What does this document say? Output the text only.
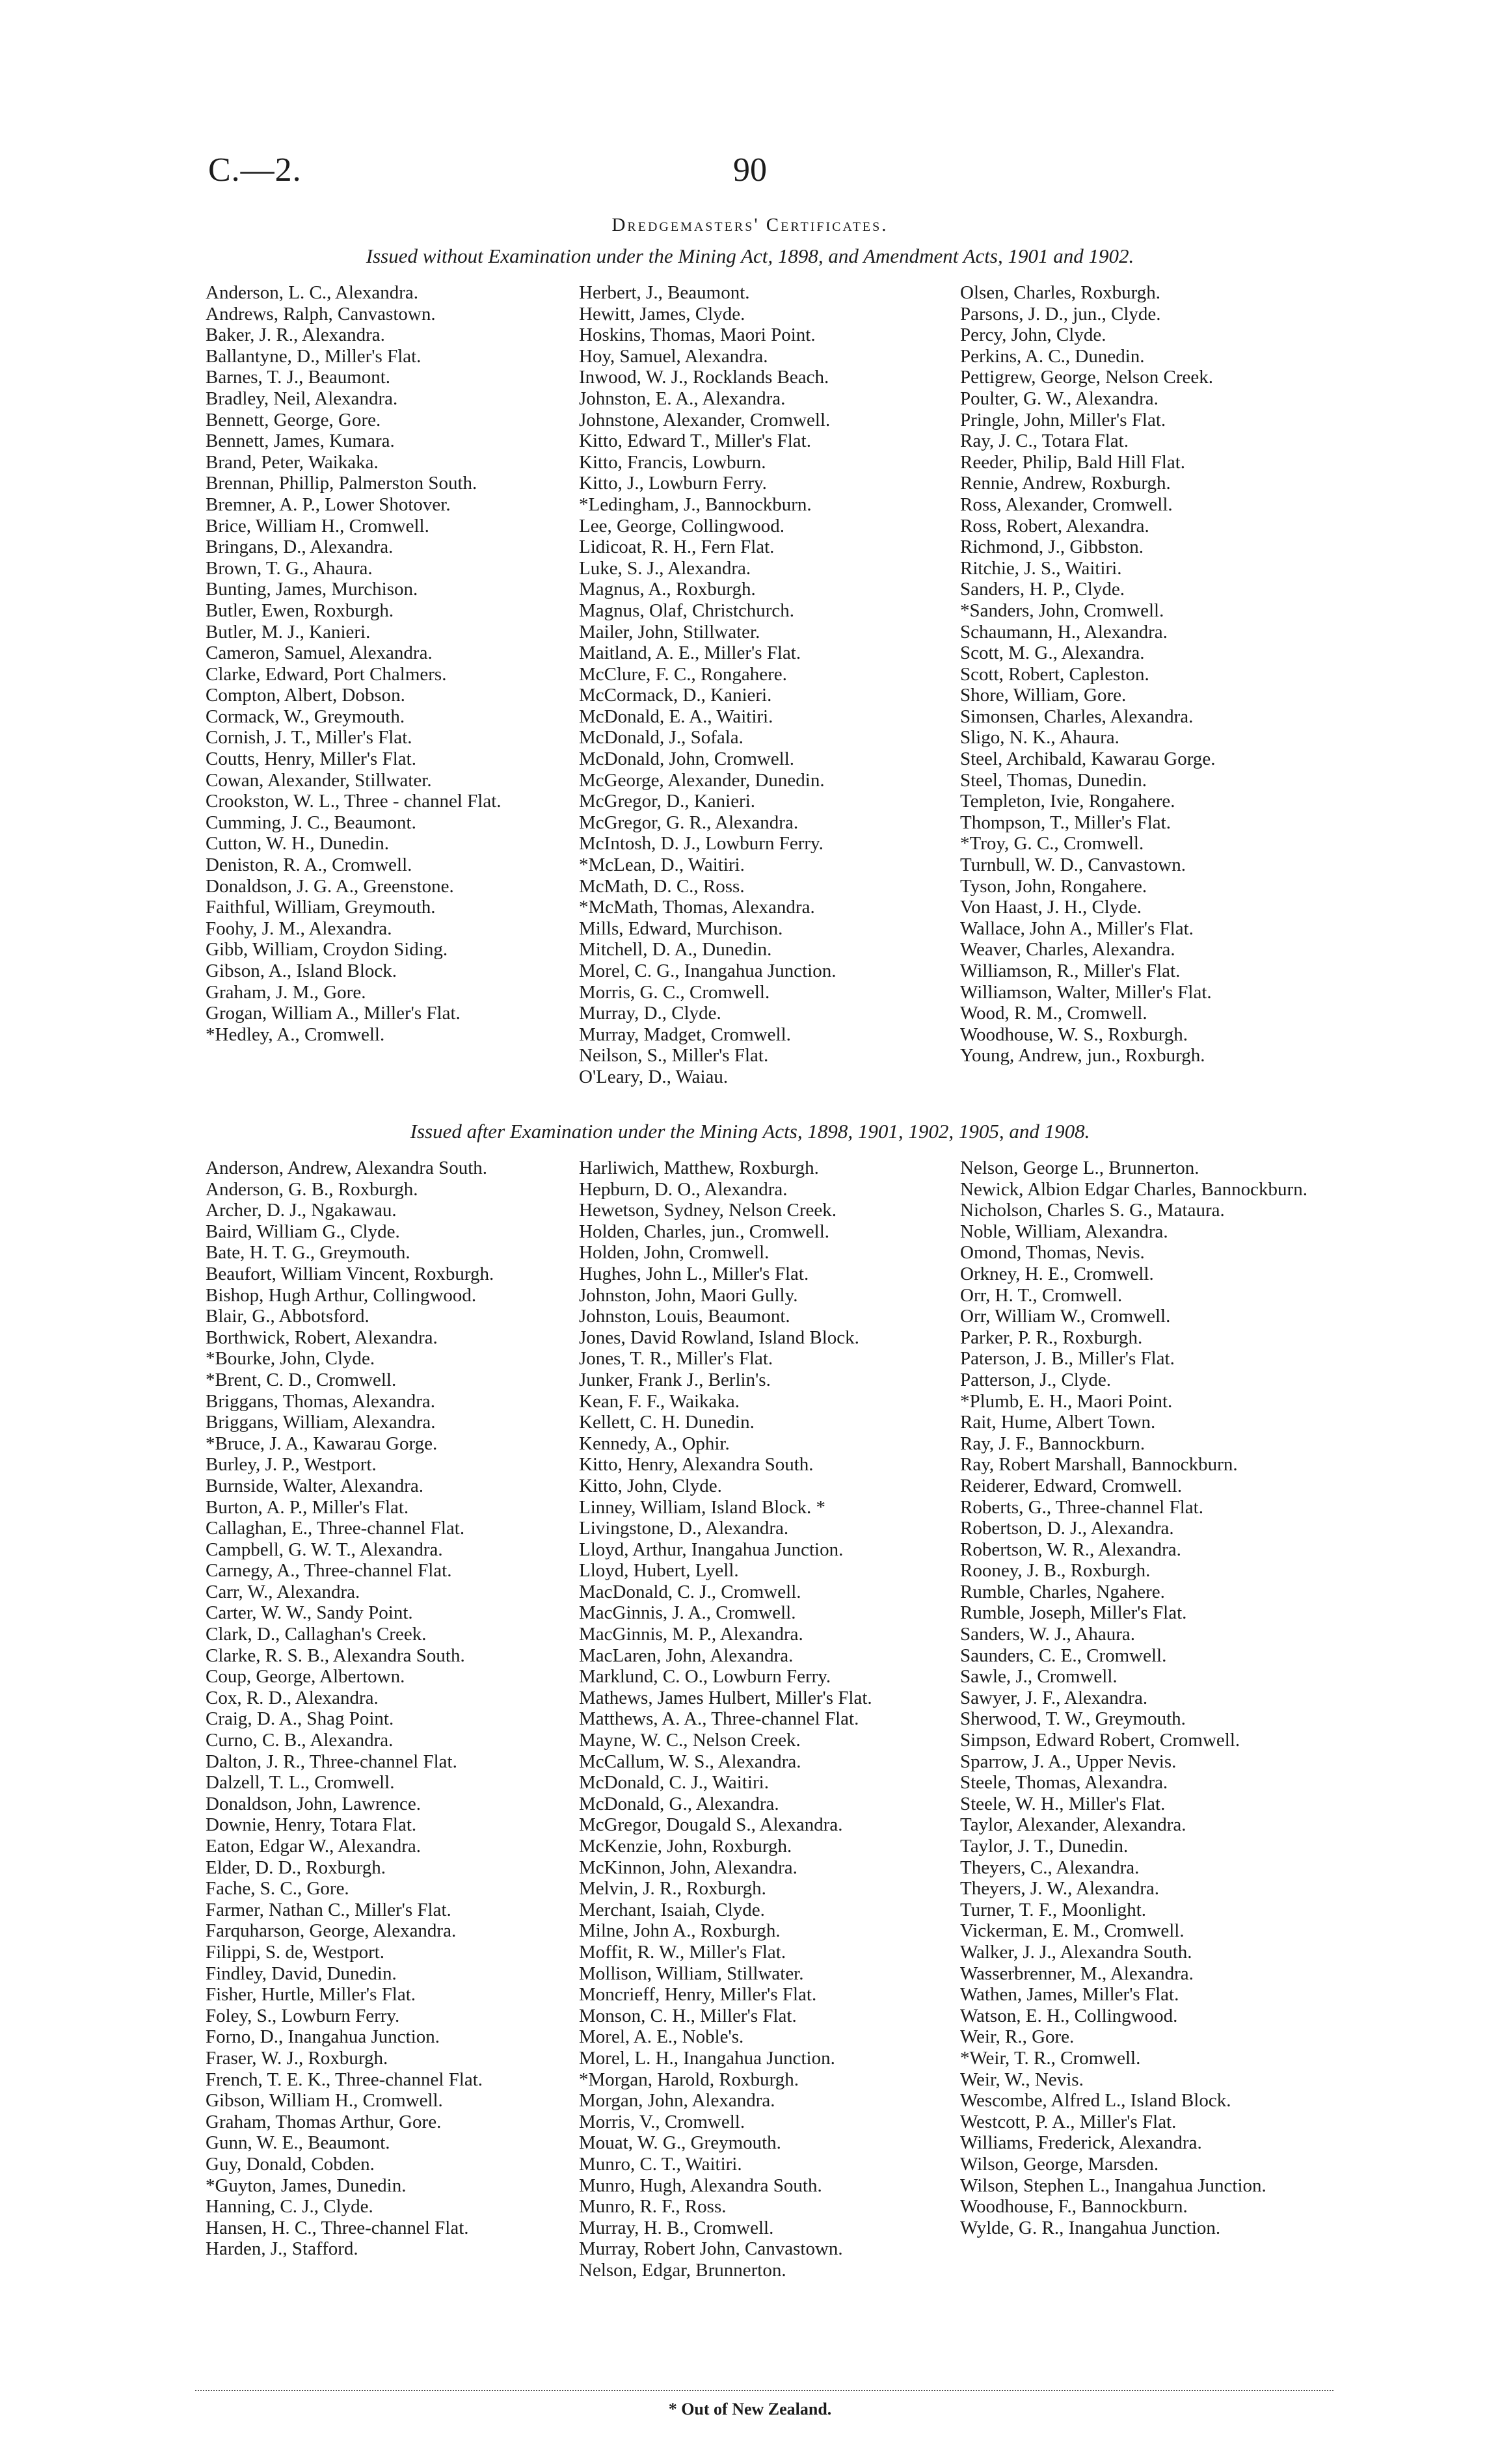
C.—2.	90
Dredgemasters' Certificates.
Issued without Examination under the Mining Act, 1898, and Amendment Acts, 1901 and 1902.
Anderson, L. C., Alexandra.
Andrews, Ralph, Canvastown.
Baker, J. R., Alexandra.
Ballantyne, D., Miller's Flat.
Barnes, T. J., Beaumont.
Bradley, Neil, Alexandra.
Bennett, George, Gore.
Bennett, James, Kumara.
Brand, Peter, Waikaka.
Brennan, Phillip, Palmerston South.
Bremner, A. P., Lower Shotover.
Brice, William H., Cromwell.
Bringans, D., Alexandra.
Brown, T. G., Ahaura.
Bunting, James, Murchison.
Butler, Ewen, Roxburgh.
Butler, M. J., Kanieri.
Cameron, Samuel, Alexandra.
Clarke, Edward, Port Chalmers.
Compton, Albert, Dobson.
Cormack, W., Greymouth.
Cornish, J. T., Miller's Flat.
Coutts, Henry, Miller's Flat.
Cowan, Alexander, Stillwater.
Crookston, W. L., Three - channel Flat.
Cumming, J. C., Beaumont.
Cutton, W. H., Dunedin.
Deniston, R. A., Cromwell.
Donaldson, J. G. A., Greenstone.
Faithful, William, Greymouth.
Foohy, J. M., Alexandra.
Gibb, William, Croydon Siding.
Gibson, A., Island Block.
Graham, J. M., Gore.
Grogan, William A., Miller's Flat.
*Hedley, A., Cromwell.
Herbert, J., Beaumont.
Hewitt, James, Clyde.
Hoskins, Thomas, Maori Point.
Hoy, Samuel, Alexandra.
Inwood, W. J., Rocklands Beach.
Johnston, E. A., Alexandra.
Johnstone, Alexander, Cromwell.
Kitto, Edward T., Miller's Flat.
Kitto, Francis, Lowburn.
Kitto, J., Lowburn Ferry.
*Ledingham, J., Bannockburn.
Lee, George, Collingwood.
Lidicoat, R. H., Fern Flat.
Luke, S. J., Alexandra.
Magnus, A., Roxburgh.
Magnus, Olaf, Christchurch.
Mailer, John, Stillwater.
Maitland, A. E., Miller's Flat.
McClure, F. C., Rongahere.
McCormack, D., Kanieri.
McDonald, E. A., Waitiri.
McDonald, J., Sofala.
McDonald, John, Cromwell.
McGeorge, Alexander, Dunedin.
McGregor, D., Kanieri.
McGregor, G. R., Alexandra.
McIntosh, D. J., Lowburn Ferry.
*McLean, D., Waitiri.
McMath, D. C., Ross.
*McMath, Thomas, Alexandra.
Mills, Edward, Murchison.
Mitchell, D. A., Dunedin.
Morel, C. G., Inangahua Junction.
Morris, G. C., Cromwell.
Murray, D., Clyde.
Murray, Madget, Cromwell.
Neilson, S., Miller's Flat.
O'Leary, D., Waiau.
Olsen, Charles, Roxburgh.
Parsons, J. D., jun., Clyde.
Percy, John, Clyde.
Perkins, A. C., Dunedin.
Pettigrew, George, Nelson Creek.
Poulter, G. W., Alexandra.
Pringle, John, Miller's Flat.
Ray, J. C., Totara Flat.
Reeder, Philip, Bald Hill Flat.
Rennie, Andrew, Roxburgh.
Ross, Alexander, Cromwell.
Ross, Robert, Alexandra.
Richmond, J., Gibbston.
Ritchie, J. S., Waitiri.
Sanders, H. P., Clyde.
*Sanders, John, Cromwell.
Schaumann, H., Alexandra.
Scott, M. G., Alexandra.
Scott, Robert, Capleston.
Shore, William, Gore.
Simonsen, Charles, Alexandra.
Sligo, N. K., Ahaura.
Steel, Archibald, Kawarau Gorge.
Steel, Thomas, Dunedin.
Templeton, Ivie, Rongahere.
Thompson, T., Miller's Flat.
*Troy, G. C., Cromwell.
Turnbull, W. D., Canvastown.
Tyson, John, Rongahere.
Von Haast, J. H., Clyde.
Wallace, John A., Miller's Flat.
Weaver, Charles, Alexandra.
Williamson, R., Miller's Flat.
Williamson, Walter, Miller's Flat.
Wood, R. M., Cromwell.
Woodhouse, W. S., Roxburgh.
Young, Andrew, jun., Roxburgh.
Issued after Examination under the Mining Acts, 1898, 1901, 1902, 1905, and 1908.
Anderson, Andrew, Alexandra South.
Anderson, G. B., Roxburgh.
Archer, D. J., Ngakawau.
Baird, William G., Clyde.
Bate, H. T. G., Greymouth.
Beaufort, William Vincent, Roxburgh.
Bishop, Hugh Arthur, Collingwood.
Blair, G., Abbotsford.
Borthwick, Robert, Alexandra.
*Bourke, John, Clyde.
*Brent, C. D., Cromwell.
Briggans, Thomas, Alexandra.
Briggans, William, Alexandra.
*Bruce, J. A., Kawarau Gorge.
Burley, J. P., Westport.
Burnside, Walter, Alexandra.
Burton, A. P., Miller's Flat.
Callaghan, E., Three-channel Flat.
Campbell, G. W. T., Alexandra.
Carnegy, A., Three-channel Flat.
Carr, W., Alexandra.
Carter, W. W., Sandy Point.
Clark, D., Callaghan's Creek.
Clarke, R. S. B., Alexandra South.
Coup, George, Albertown.
Cox, R. D., Alexandra.
Craig, D. A., Shag Point.
Curno, C. B., Alexandra.
Dalton, J. R., Three-channel Flat.
Dalzell, T. L., Cromwell.
Donaldson, John, Lawrence.
Downie, Henry, Totara Flat.
Eaton, Edgar W., Alexandra.
Elder, D. D., Roxburgh.
Fache, S. C., Gore.
Farmer, Nathan C., Miller's Flat.
Farquharson, George, Alexandra.
Filippi, S. de, Westport.
Findley, David, Dunedin.
Fisher, Hurtle, Miller's Flat.
Foley, S., Lowburn Ferry.
Forno, D., Inangahua Junction.
Fraser, W. J., Roxburgh.
French, T. E. K., Three-channel Flat.
Gibson, William H., Cromwell.
Graham, Thomas Arthur, Gore.
Gunn, W. E., Beaumont.
Guy, Donald, Cobden.
*Guyton, James, Dunedin.
Hanning, C. J., Clyde.
Hansen, H. C., Three-channel Flat.
Harden, J., Stafford.
Harliwich, Matthew, Roxburgh.
Hepburn, D. O., Alexandra.
Hewetson, Sydney, Nelson Creek.
Holden, Charles, jun., Cromwell.
Holden, John, Cromwell.
Hughes, John L., Miller's Flat.
Johnston, John, Maori Gully.
Johnston, Louis, Beaumont.
Jones, David Rowland, Island Block.
Jones, T. R., Miller's Flat.
Junker, Frank J., Berlin's.
Kean, F. F., Waikaka.
Kellett, C. H. Dunedin.
Kennedy, A., Ophir.
Kitto, Henry, Alexandra South.
Kitto, John, Clyde.
Linney, William, Island Block. *
Livingstone, D., Alexandra.
Lloyd, Arthur, Inangahua Junction.
Lloyd, Hubert, Lyell.
MacDonald, C. J., Cromwell.
MacGinnis, J. A., Cromwell.
MacGinnis, M. P., Alexandra.
MacLaren, John, Alexandra.
Marklund, C. O., Lowburn Ferry.
Mathews, James Hulbert, Miller's Flat.
Matthews, A. A., Three-channel Flat.
Mayne, W. C., Nelson Creek.
McCallum, W. S., Alexandra.
McDonald, C. J., Waitiri.
McDonald, G., Alexandra.
McGregor, Dougald S., Alexandra.
McKenzie, John, Roxburgh.
McKinnon, John, Alexandra.
Melvin, J. R., Roxburgh.
Merchant, Isaiah, Clyde.
Milne, John A., Roxburgh.
Moffit, R. W., Miller's Flat.
Mollison, William, Stillwater.
Moncrieff, Henry, Miller's Flat.
Monson, C. H., Miller's Flat.
Morel, A. E., Noble's.
Morel, L. H., Inangahua Junction.
*Morgan, Harold, Roxburgh.
Morgan, John, Alexandra.
Morris, V., Cromwell.
Mouat, W. G., Greymouth.
Munro, C. T., Waitiri.
Munro, Hugh, Alexandra South.
Munro, R. F., Ross.
Murray, H. B., Cromwell.
Murray, Robert John, Canvastown.
Nelson, Edgar, Brunnerton.
Nelson, George L., Brunnerton.
Newick, Albion Edgar Charles, Bannockburn.
Nicholson, Charles S. G., Mataura.
Noble, William, Alexandra.
Omond, Thomas, Nevis.
Orkney, H. E., Cromwell.
Orr, H. T., Cromwell.
Orr, William W., Cromwell.
Parker, P. R., Roxburgh.
Paterson, J. B., Miller's Flat.
Patterson, J., Clyde.
*Plumb, E. H., Maori Point.
Rait, Hume, Albert Town.
Ray, J. F., Bannockburn.
Ray, Robert Marshall, Bannockburn.
Reiderer, Edward, Cromwell.
Roberts, G., Three-channel Flat.
Robertson, D. J., Alexandra.
Robertson, W. R., Alexandra.
Rooney, J. B., Roxburgh.
Rumble, Charles, Ngahere.
Rumble, Joseph, Miller's Flat.
Sanders, W. J., Ahaura.
Saunders, C. E., Cromwell.
Sawle, J., Cromwell.
Sawyer, J. F., Alexandra.
Sherwood, T. W., Greymouth.
Simpson, Edward Robert, Cromwell.
Sparrow, J. A., Upper Nevis.
Steele, Thomas, Alexandra.
Steele, W. H., Miller's Flat.
Taylor, Alexander, Alexandra.
Taylor, J. T., Dunedin.
Theyers, C., Alexandra.
Theyers, J. W., Alexandra.
Turner, T. F., Moonlight.
Vickerman, E. M., Cromwell.
Walker, J. J., Alexandra South.
Wasserbrenner, M., Alexandra.
Wathen, James, Miller's Flat.
Watson, E. H., Collingwood.
Weir, R., Gore.
*Weir, T. R., Cromwell.
Weir, W., Nevis.
Wescombe, Alfred L., Island Block.
Westcott, P. A., Miller's Flat.
Williams, Frederick, Alexandra.
Wilson, George, Marsden.
Wilson, Stephen L., Inangahua Junction.
Woodhouse, F., Bannockburn.
Wylde, G. R., Inangahua Junction.
* Out of New Zealand.
